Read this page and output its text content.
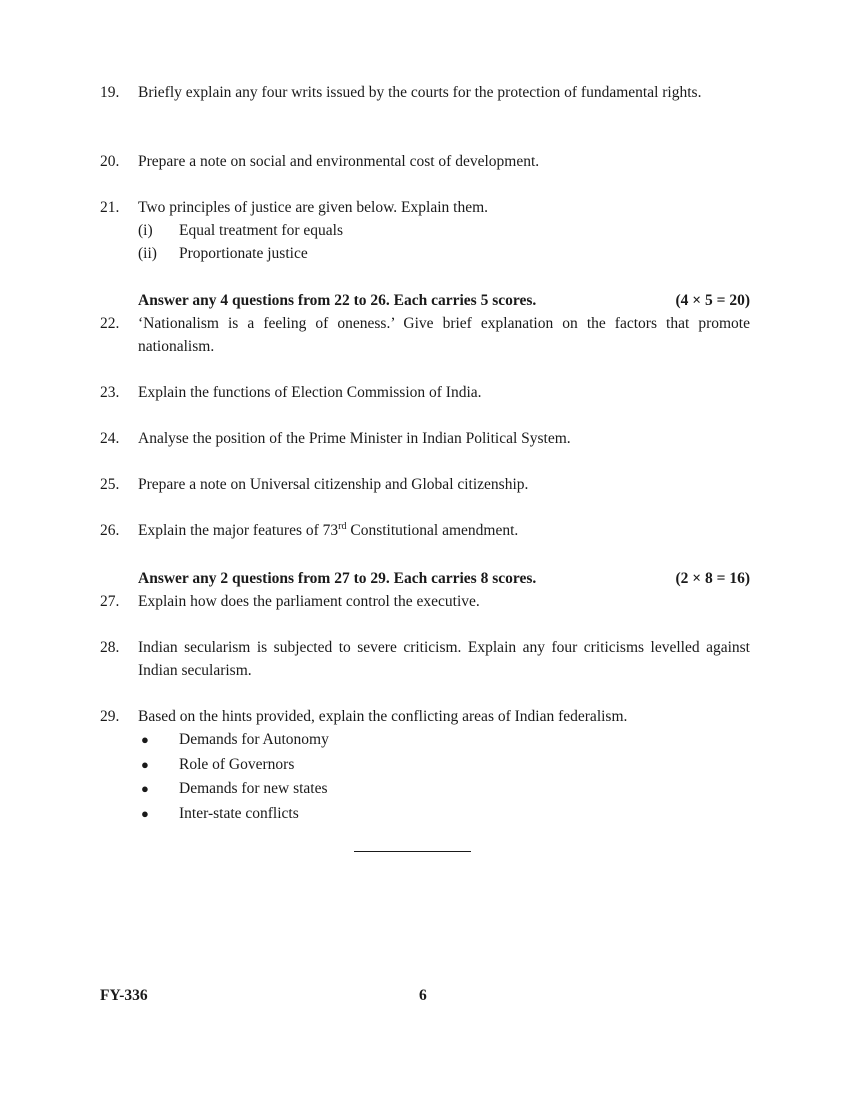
19. Briefly explain any four writs issued by the courts for the protection of fundamental rights.
20. Prepare a note on social and environmental cost of development.
21. Two principles of justice are given below. Explain them.
(i) Equal treatment for equals
(ii) Proportionate justice
Answer any 4 questions from 22 to 26. Each carries 5 scores.	(4 × 5 = 20)
22. ‘Nationalism is a feeling of oneness.’ Give brief explanation on the factors that promote nationalism.
23. Explain the functions of Election Commission of India.
24. Analyse the position of the Prime Minister in Indian Political System.
25. Prepare a note on Universal citizenship and Global citizenship.
26. Explain the major features of 73rd Constitutional amendment.
Answer any 2 questions from 27 to 29. Each carries 8 scores.	(2 × 8 = 16)
27. Explain how does the parliament control the executive.
28. Indian secularism is subjected to severe criticism. Explain any four criticisms levelled against Indian secularism.
29. Based on the hints provided, explain the conflicting areas of Indian federalism.
● Demands for Autonomy
● Role of Governors
● Demands for new states
● Inter-state conflicts
FY-336	6
